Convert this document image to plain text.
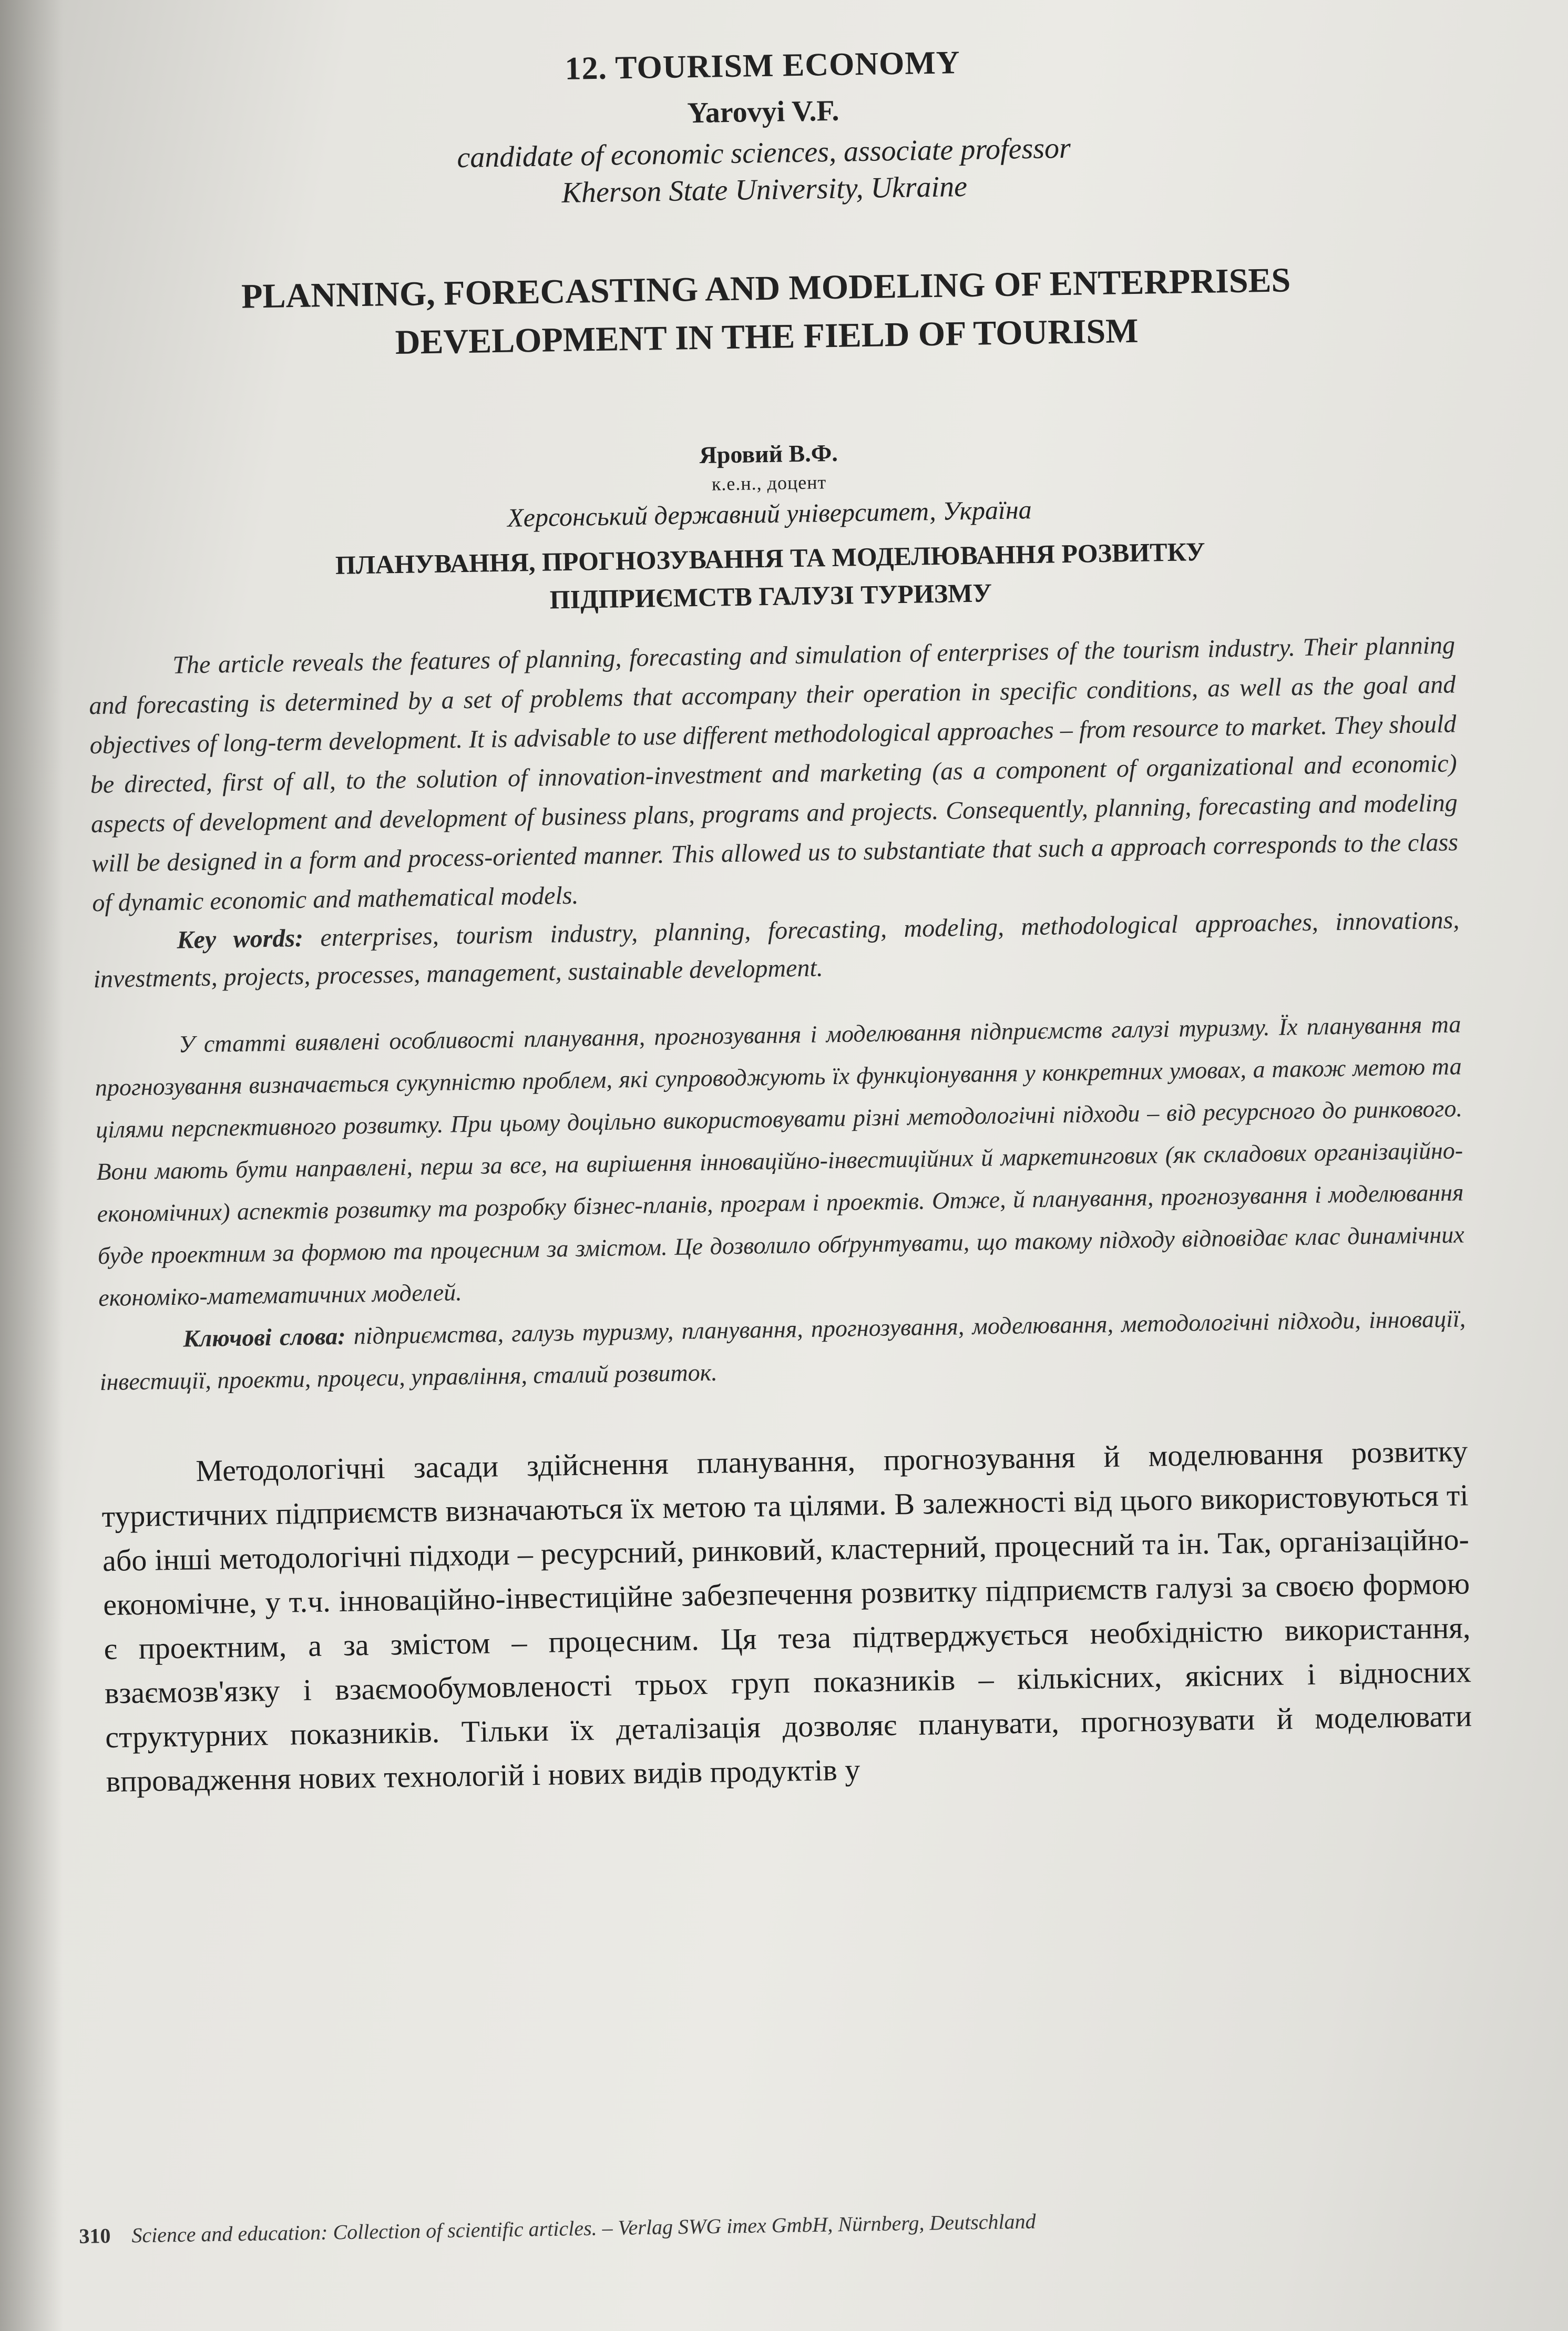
12. TOURISM ECONOMY
Yarovyi V.F.
candidate of economic sciences, associate professor
Kherson State University, Ukraine
PLANNING, FORECASTING AND MODELING OF ENTERPRISES
DEVELOPMENT IN THE FIELD OF TOURISM
Яровий В.Ф.
к.е.н., доцент
Херсонський державний університет, Україна
ПЛАНУВАННЯ, ПРОГНОЗУВАННЯ ТА МОДЕЛЮВАННЯ РОЗВИТКУ
ПІДПРИЄМСТВ ГАЛУЗІ ТУРИЗМУ

The article reveals the features of planning, forecasting and simulation of enterprises of the tourism industry. Their planning and forecasting is determined by a set of problems that accompany their operation in specific conditions, as well as the goal and objectives of long-term development. It is advisable to use different methodological approaches – from resource to market. They should be directed, first of all, to the solution of innovation-investment and marketing (as a component of organizational and economic) aspects of development and development of business plans, programs and projects. Consequently, planning, forecasting and modeling will be designed in a form and process-oriented manner. This allowed us to substantiate that such a approach corresponds to the class of dynamic economic and mathematical models.

Key words: enterprises, tourism industry, planning, forecasting, modeling, methodological approaches, innovations, investments, projects, processes, management, sustainable development.

У статті виявлені особливості планування, прогнозування і моделювання підприємств галузі туризму. Їх планування та прогнозування визначається сукупністю проблем, які супроводжують їх функціонування у конкретних умовах, а також метою та цілями перспективного розвитку. При цьому доцільно використовувати різні методологічні підходи – від ресурсного до ринкового. Вони мають бути направлені, перш за все, на вирішення інноваційно-інвестиційних й маркетингових (як складових організаційно-економічних) аспектів розвитку та розробку бізнес-планів, програм і проектів. Отже, й планування, прогнозування і моделювання буде проектним за формою та процесним за змістом. Це дозволило обґрунтувати, що такому підходу відповідає клас динамічних економіко-математичних моделей.

Ключові слова: підприємства, галузь туризму, планування, прогнозування, моделювання, методологічні підходи, інновації, інвестиції, проекти, процеси, управління, сталий розвиток.

Методологічні засади здійснення планування, прогнозування й моделювання розвитку туристичних підприємств визначаються їх метою та цілями. В залежності від цього використовуються ті або інші методологічні підходи – ресурсний, ринковий, кластерний, процесний та ін. Так, організаційно-економічне, у т.ч. інноваційно-інвестиційне забезпечення розвитку підприємств галузі за своєю формою є проектним, а за змістом – процесним. Ця теза підтверджується необхідністю використання, взаємозв'язку і взаємообумовленості трьох груп показників – кількісних, якісних і відносних структурних показників. Тільки їх деталізація дозволяє планувати, прогнозувати й моделювати впровадження нових технологій і нових видів продуктів у

310 Science and education: Collection of scientific articles. – Verlag SWG imex GmbH, Nürnberg, Deutschland
